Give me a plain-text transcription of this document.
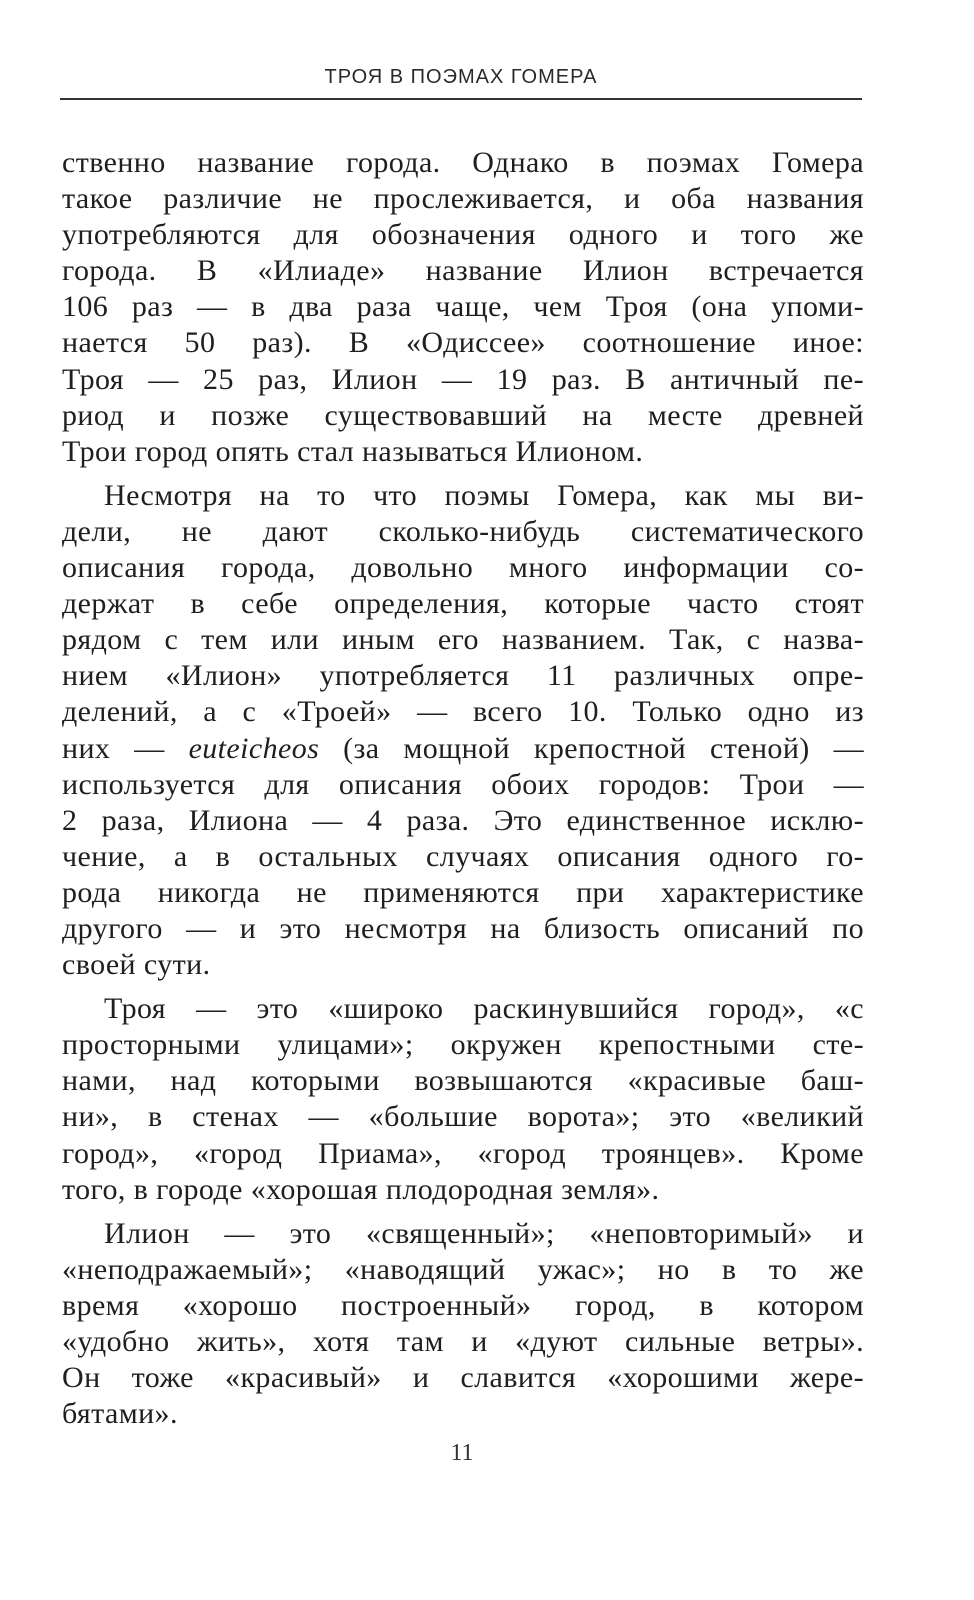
ТРОЯ В ПОЭМАХ ГОМЕРА
ственно название города. Однако в поэмах Гомера
такое различие не прослеживается, и оба названия
употребляются для обозначения одного и того же
города. В «Илиаде» название Илион встречается
106 раз — в два раза чаще, чем Троя (она упоми-
нается 50 раз). В «Одиссее» соотношение иное:
Троя — 25 раз, Илион — 19 раз. В античный пе-
риод и позже существовавший на месте древней
Трои город опять стал называться Илионом.
Несмотря на то что поэмы Гомера, как мы ви-
дели, не дают сколько-нибудь систематического
описания города, довольно много информации со-
держат в себе определения, которые часто стоят
рядом с тем или иным его названием. Так, с назва-
нием «Илион» употребляется 11 различных опре-
делений, а с «Троей» — всего 10. Только одно из
них — euteicheos (за мощной крепостной стеной) —
используется для описания обоих городов: Трои —
2 раза, Илиона — 4 раза. Это единственное исклю-
чение, а в остальных случаях описания одного го-
рода никогда не применяются при характеристике
другого — и это несмотря на близость описаний по
своей сути.
Троя — это «широко раскинувшийся город», «с
просторными улицами»; окружен крепостными сте-
нами, над которыми возвышаются «красивые баш-
ни», в стенах — «большие ворота»; это «великий
город», «город Приама», «город троянцев». Кроме
того, в городе «хорошая плодородная земля».
Илион — это «священный»; «неповторимый» и
«неподражаемый»; «наводящий ужас»; но в то же
время «хорошо построенный» город, в котором
«удобно жить», хотя там и «дуют сильные ветры».
Он тоже «красивый» и славится «хорошими жере-
бятами».
11
